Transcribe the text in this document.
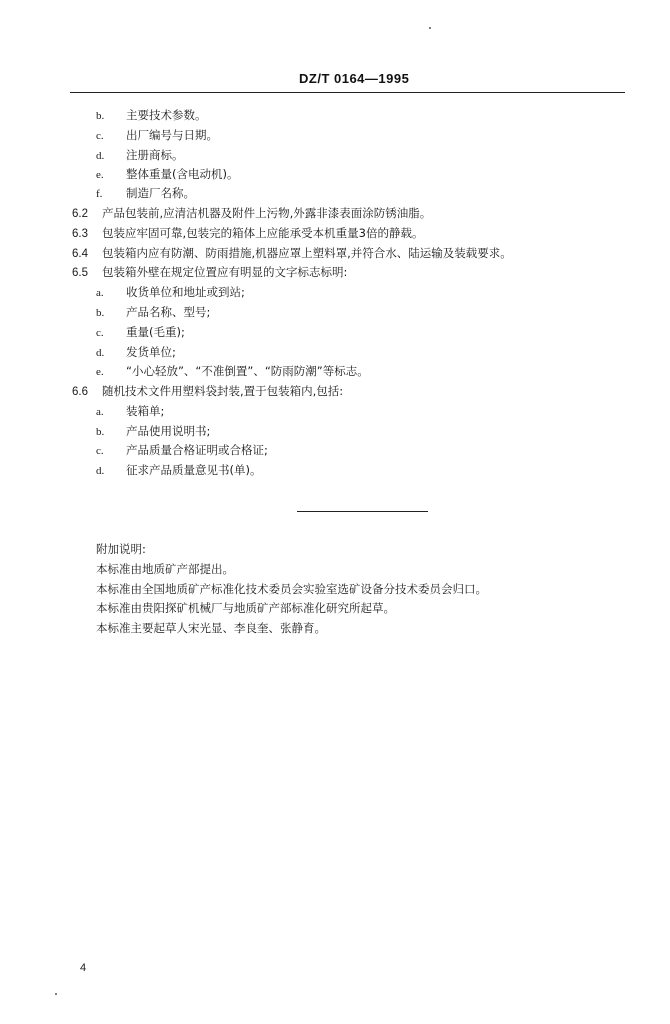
DZ/T 0164—1995
b. 主要技术参数。
c. 出厂编号与日期。
d. 注册商标。
e. 整体重量(含电动机)。
f. 制造厂名称。
6.2 产品包装前,应清洁机器及附件上污物,外露非漆表面涂防锈油脂。
6.3 包装应牢固可靠,包装完的箱体上应能承受本机重量3倍的静载。
6.4 包装箱内应有防潮、防雨措施,机器应罩上塑料罩,并符合水、陆运输及装载要求。
6.5 包装箱外壁在规定位置应有明显的文字标志标明:
a. 收货单位和地址或到站;
b. 产品名称、型号;
c. 重量(毛重);
d. 发货单位;
e. “小心轻放”、“不准倒置”、“防雨防潮”等标志。
6.6 随机技术文件用塑料袋封装,置于包装箱内,包括:
a. 装箱单;
b. 产品使用说明书;
c. 产品质量合格证明或合格证;
d. 征求产品质量意见书(单)。
附加说明:
本标准由地质矿产部提出。
本标准由全国地质矿产标准化技术委员会实验室选矿设备分技术委员会归口。
本标准由贵阳探矿机械厂与地质矿产部标准化研究所起草。
本标准主要起草人宋光显、李良奎、张静育。
4
